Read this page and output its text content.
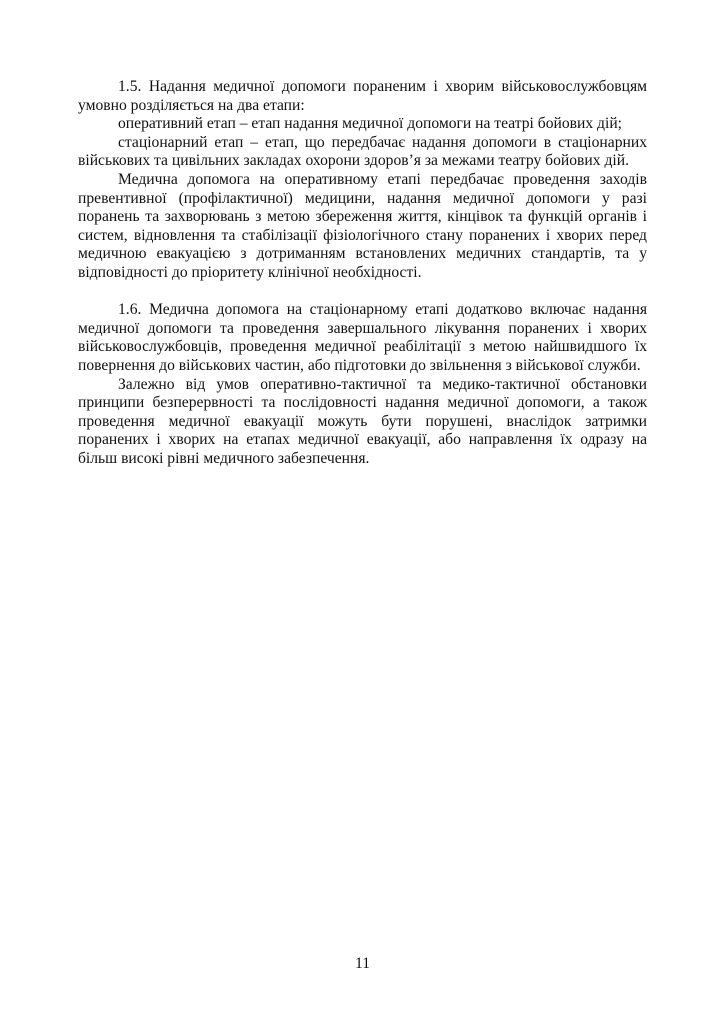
1.5. Надання медичної допомоги пораненим і хворим військовослужбовцям умовно розділяється на два етапи:

оперативний етап – етап надання медичної допомоги на театрі бойових дій;

стаціонарний етап – етап, що передбачає надання допомоги в стаціонарних військових та цивільних закладах охорони здоров’я за межами театру бойових дій.

Медична допомога на оперативному етапі передбачає проведення заходів превентивної (профілактичної) медицини, надання медичної допомоги у разі поранень та захворювань з метою збереження життя, кінцівок та функцій органів і систем, відновлення та стабілізації фізіологічного стану поранених і хворих перед медичною евакуацією з дотриманням встановлених медичних стандартів, та у відповідності до пріоритету клінічної необхідності.

1.6. Медична допомога на стаціонарному етапі додатково включає надання медичної допомоги та проведення завершального лікування поранених і хворих військовослужбовців, проведення медичної реабілітації з метою найшвидшого їх повернення до військових частин, або підготовки до звільнення з військової служби.

Залежно від умов оперативно-тактичної та медико-тактичної обстановки принципи безперервності та послідовності надання медичної допомоги, а також проведення медичної евакуації можуть бути порушені, внаслідок затримки поранених і хворих на етапах медичної евакуації, або направлення їх одразу на більш високі рівні медичного забезпечення.

11
